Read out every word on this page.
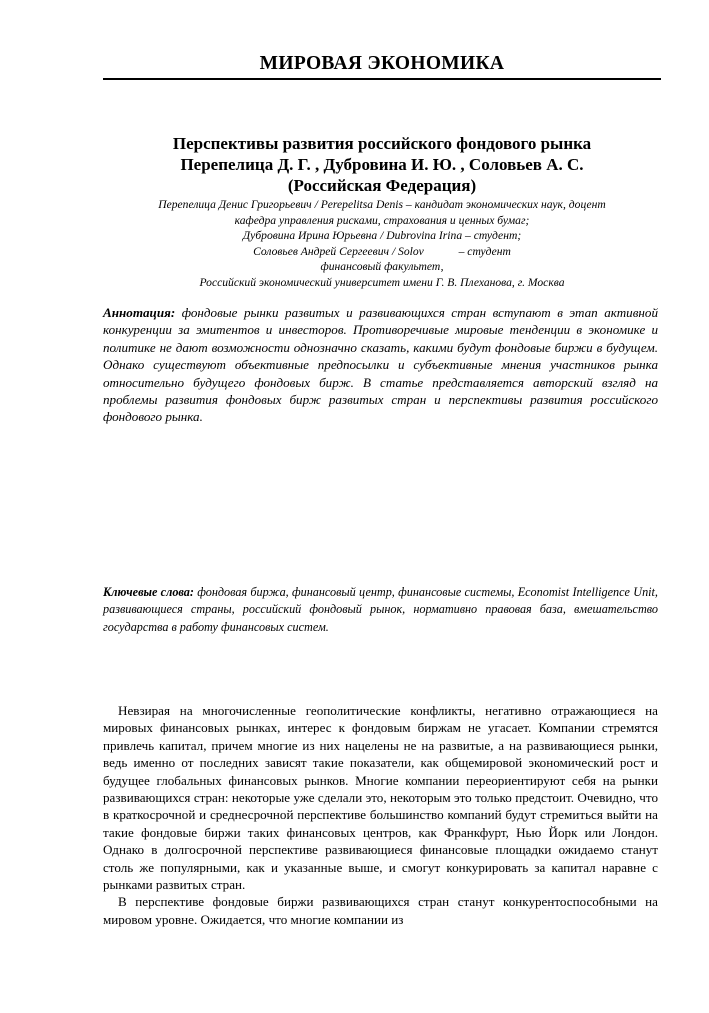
МИРОВАЯ ЭКОНОМИКА
Перспективы развития российского фондового рынка
Перепелица Д. Г. , Дубровина И. Ю. , Соловьев А. С.
(Российская Федерация)
Перепелица Денис Григорьевич / Perepelitsa Denis – кандидат экономических наук, доцент
кафедра управления рисками, страхования и ценных бумаг;
Дубровина Ирина Юрьевна / Dubrovina Irina – студент;
Соловьев Андрей Сергеевич / Solov            – студент
финансовый факультет,
Российский экономический университет имени Г. В. Плеханова, г. Москва
Аннотация: фондовые рынки развитых и развивающихся стран вступают в этап активной конкуренции за эмитентов и инвесторов. Противоречивые мировые тенденции в экономике и политике не дают возможности однозначно сказать, какими будут фондовые биржи в будущем. Однако существуют объективные предпосылки и субъективные мнения участников рынка относительно будущего фондовых бирж. В статье представляется авторский взгляд на проблемы развития фондовых бирж развитых стран и перспективы развития российского фондового рынка.
Ключевые слова: фондовая биржа, финансовый центр, финансовые системы, Economist Intelligence Unit, развивающиеся страны, российский фондовый рынок, нормативно правовая база, вмешательство государства в работу финансовых систем.

Невзирая на многочисленные геополитические конфликты, негативно отражающиеся на мировых финансовых рынках, интерес к фондовым биржам не угасает. Компании стремятся привлечь капитал, причем многие из них нацелены не на развитые, а на развивающиеся рынки, ведь именно от последних зависят такие показатели, как общемировой экономический рост и будущее глобальных финансовых рынков. Многие компании переориентируют себя на рынки развивающихся стран: некоторые уже сделали это, некоторым это только предстоит. Очевидно, что в краткосрочной и среднесрочной перспективе большинство компаний будут стремиться выйти на такие фондовые биржи таких финансовых центров, как Франкфурт, Нью Йорк или Лондон. Однако в долгосрочной перспективе развивающиеся финансовые площадки ожидаемо станут столь же популярными, как и указанные выше, и смогут конкурировать за капитал наравне с рынками развитых стран.

В перспективе фондовые биржи развивающихся стран станут конкурентоспособными на мировом уровне. Ожидается, что многие компании из
